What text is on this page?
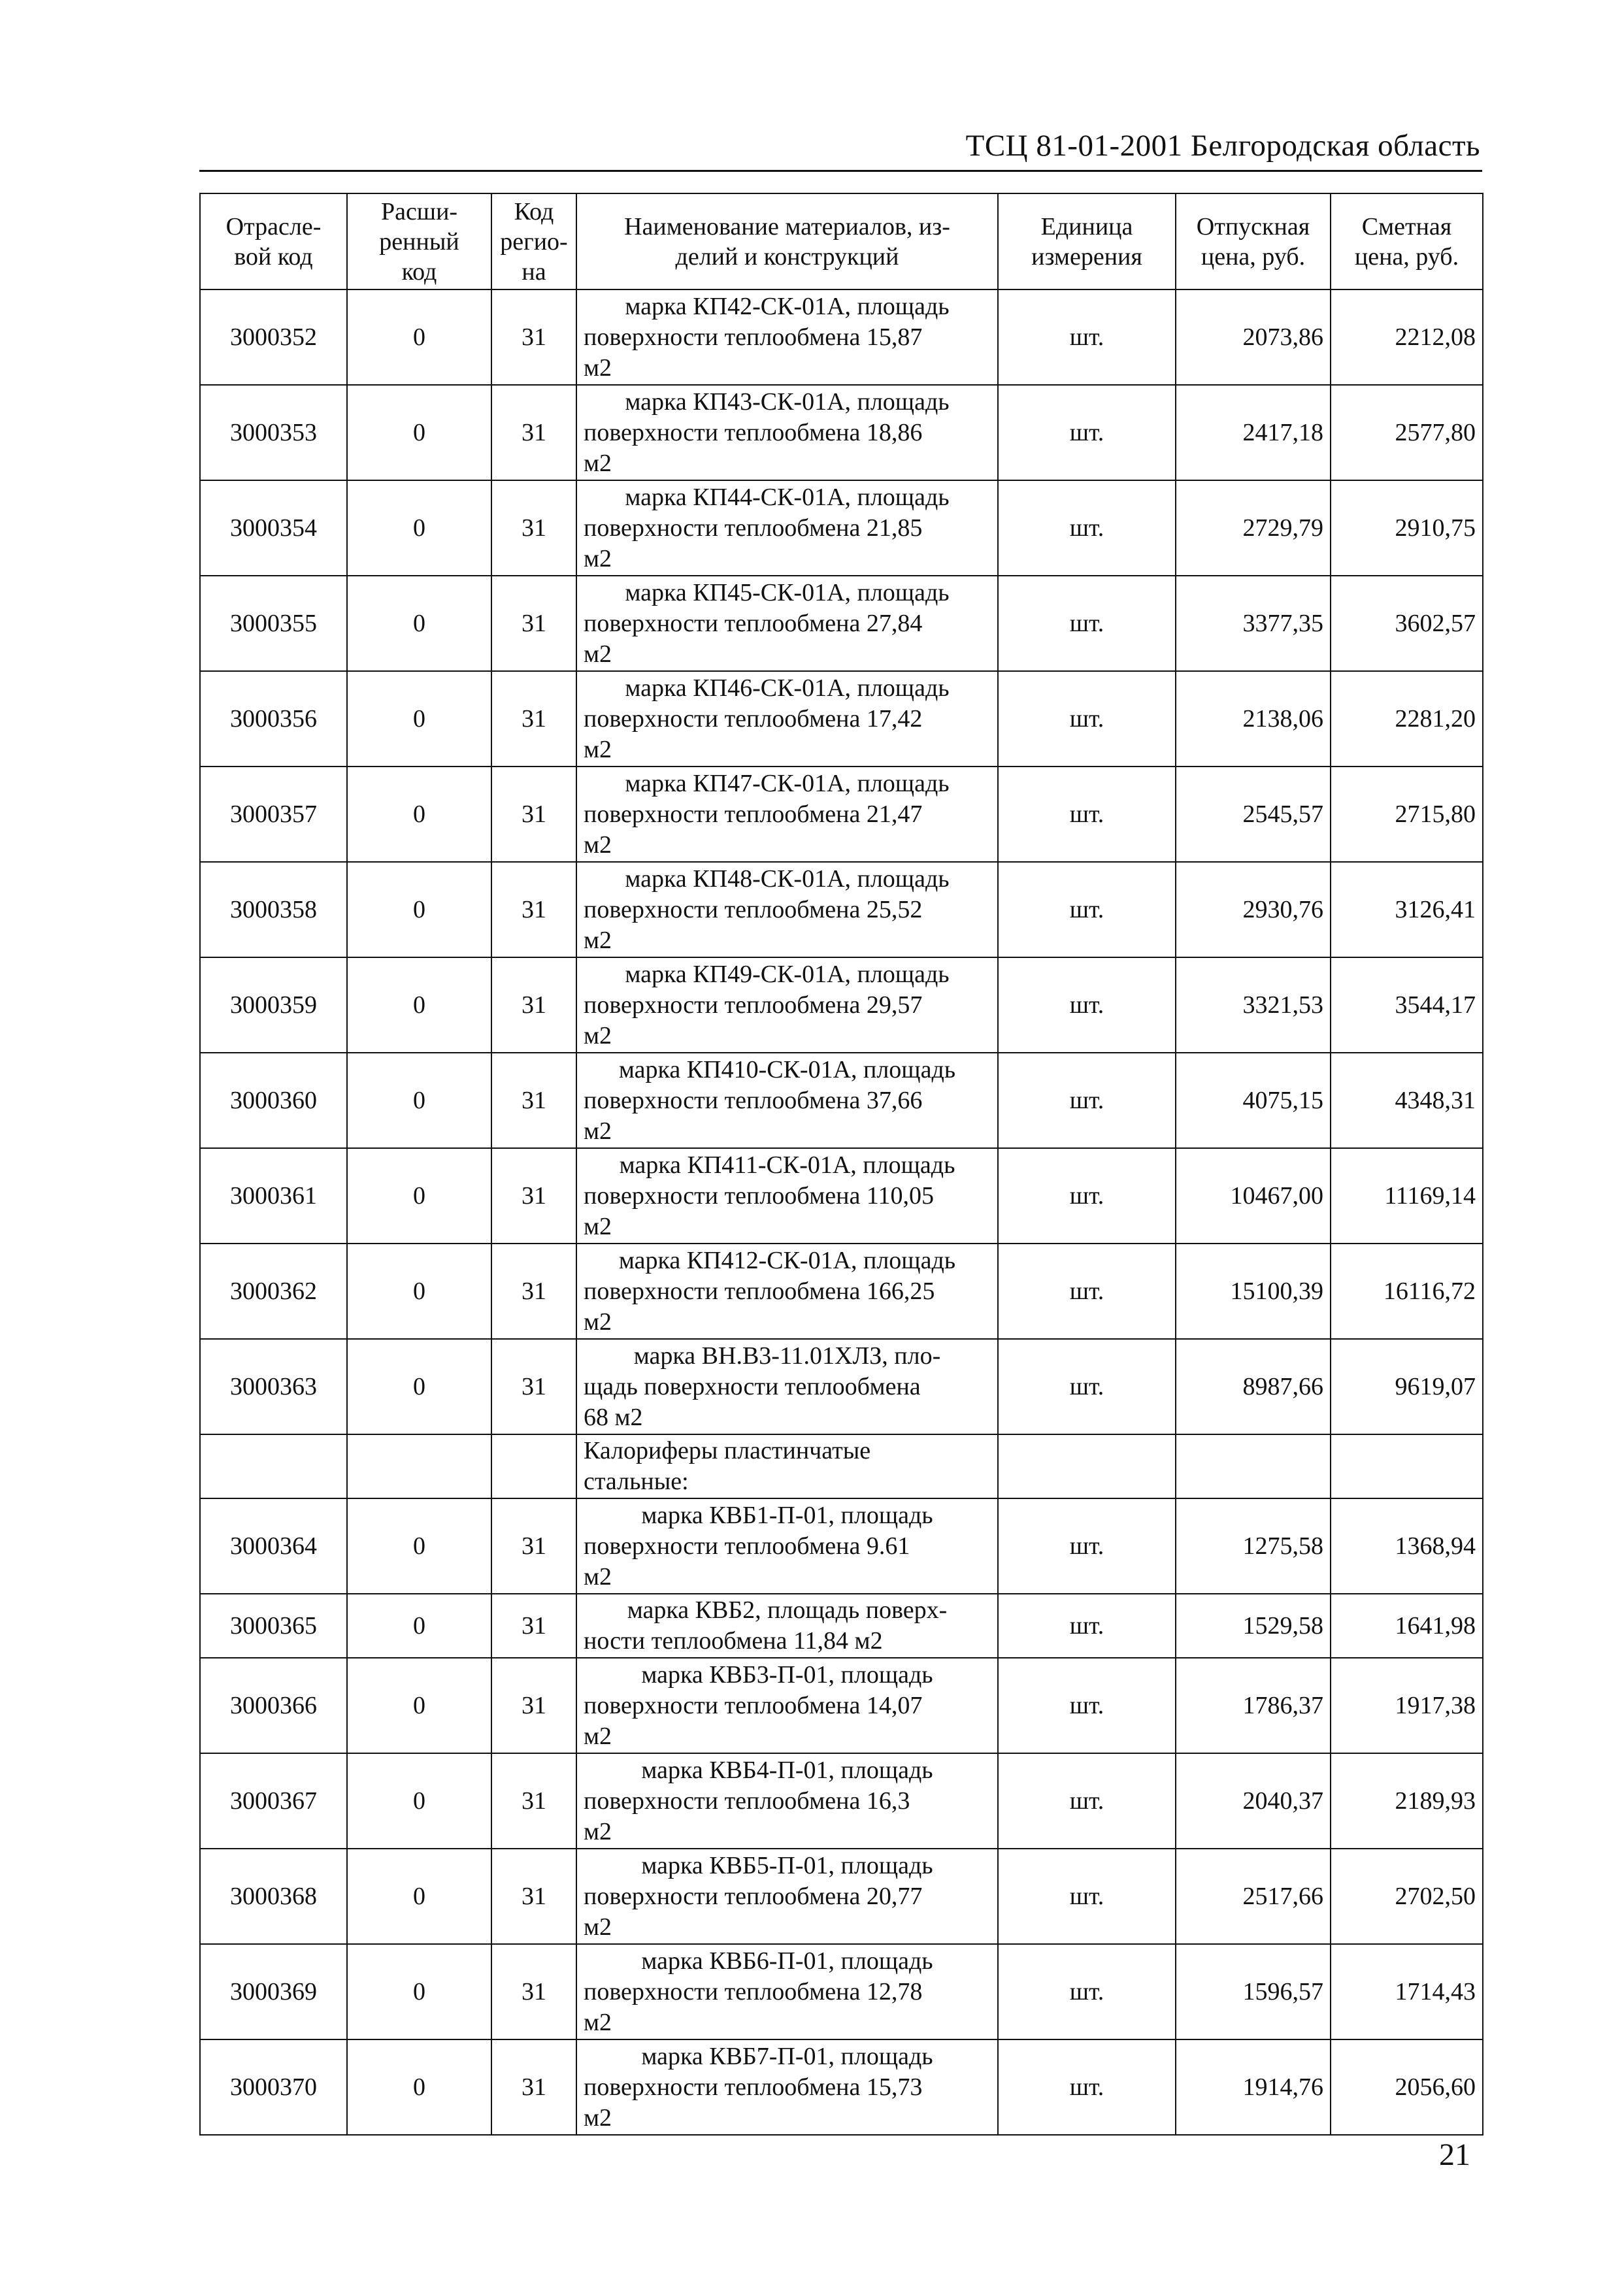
ТСЦ 81-01-2001 Белгородская область
Отрасле-
вой код	Расши-
ренный
код	Код
регио-
на	Наименование материалов, из-
делий и конструкций	Единица
измерения	Отпускная
цена, руб.	Сметная
цена, руб.

3000352	0	31	марка КП42-СК-01А, площадь
поверхности теплообмена 15,87
м2	шт.	2073,86	2212,08
3000353	0	31	марка КП43-СК-01А, площадь
поверхности теплообмена 18,86
м2	шт.	2417,18	2577,80
3000354	0	31	марка КП44-СК-01А, площадь
поверхности теплообмена 21,85
м2	шт.	2729,79	2910,75
3000355	0	31	марка КП45-СК-01А, площадь
поверхности теплообмена 27,84
м2	шт.	3377,35	3602,57
3000356	0	31	марка КП46-СК-01А, площадь
поверхности теплообмена 17,42
м2	шт.	2138,06	2281,20
3000357	0	31	марка КП47-СК-01А, площадь
поверхности теплообмена 21,47
м2	шт.	2545,57	2715,80
3000358	0	31	марка КП48-СК-01А, площадь
поверхности теплообмена 25,52
м2	шт.	2930,76	3126,41
3000359	0	31	марка КП49-СК-01А, площадь
поверхности теплообмена 29,57
м2	шт.	3321,53	3544,17
3000360	0	31	марка КП410-СК-01А, площадь
поверхности теплообмена 37,66
м2	шт.	4075,15	4348,31
3000361	0	31	марка КП411-СК-01А, площадь
поверхности теплообмена 110,05
м2	шт.	10467,00	11169,14
3000362	0	31	марка КП412-СК-01А, площадь
поверхности теплообмена 166,25
м2	шт.	15100,39	16116,72
3000363	0	31	марка ВН.В3-11.01ХЛЗ, пло-
щадь поверхности теплообмена
68 м2	шт.	8987,66	9619,07

			Калориферы пластинчатые
стальные:			

3000364	0	31	марка КВБ1-П-01, площадь
поверхности теплообмена 9.61
м2	шт.	1275,58	1368,94
3000365	0	31	марка КВБ2, площадь поверх-
ности теплообмена 11,84 м2	шт.	1529,58	1641,98
3000366	0	31	марка КВБ3-П-01, площадь
поверхности теплообмена 14,07
м2	шт.	1786,37	1917,38
3000367	0	31	марка КВБ4-П-01, площадь
поверхности теплообмена 16,3
м2	шт.	2040,37	2189,93
3000368	0	31	марка КВБ5-П-01, площадь
поверхности теплообмена 20,77
м2	шт.	2517,66	2702,50
3000369	0	31	марка КВБ6-П-01, площадь
поверхности теплообмена 12,78
м2	шт.	1596,57	1714,43
3000370	0	31	марка КВБ7-П-01, площадь
поверхности теплообмена 15,73
м2	шт.	1914,76	2056,60
21
